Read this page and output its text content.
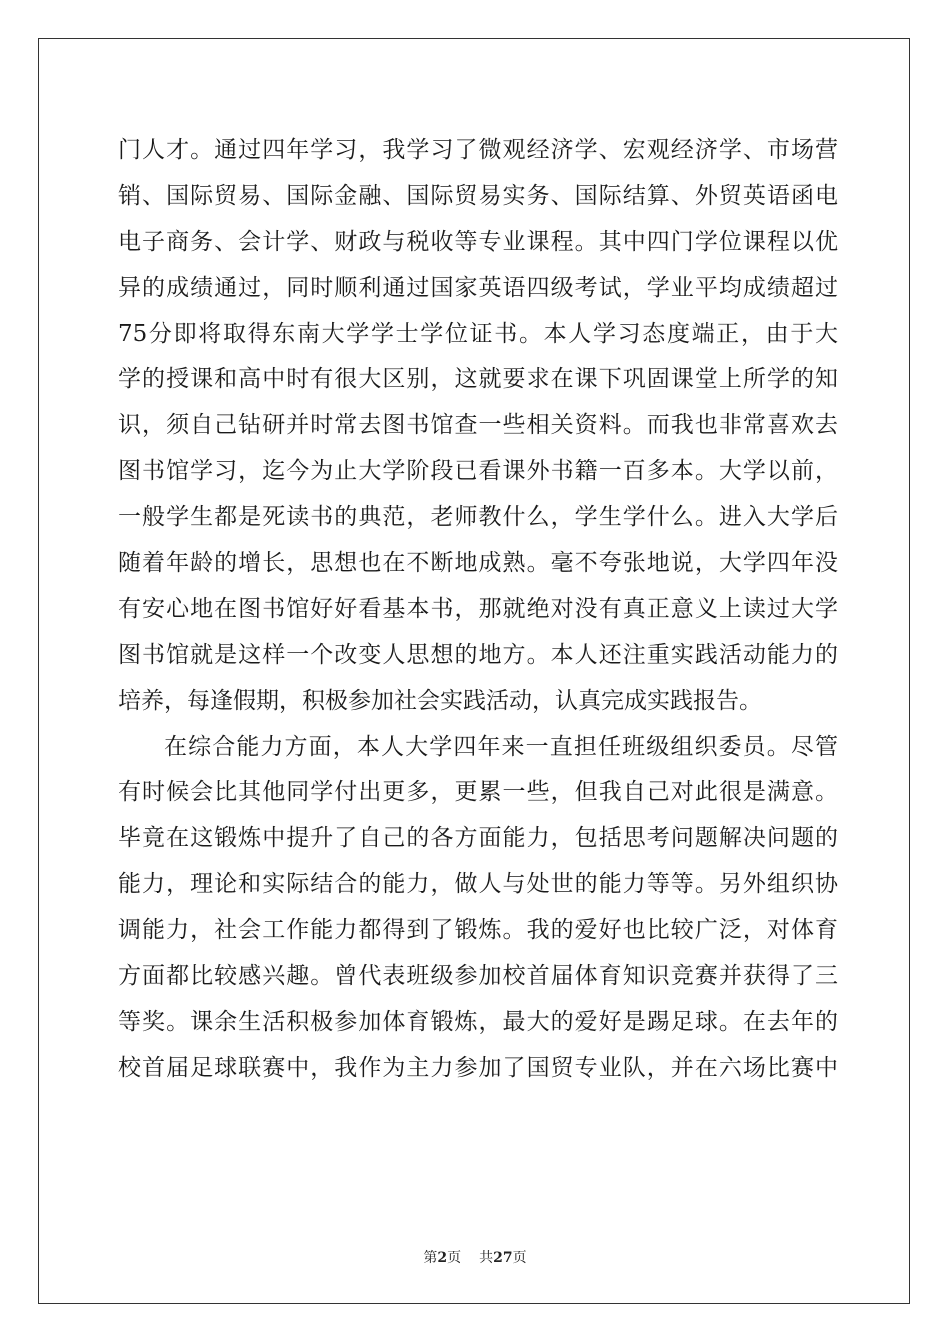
门人才。通过四年学习，我学习了微观经济学、宏观经济学、市场营
销、国际贸易、国际金融、国际贸易实务、国际结算、外贸英语函电
电子商务、会计学、财政与税收等专业课程。其中四门学位课程以优
异的成绩通过，同时顺利通过国家英语四级考试，学业平均成绩超过
75分即将取得东南大学学士学位证书。本人学习态度端正，由于大
学的授课和高中时有很大区别，这就要求在课下巩固课堂上所学的知
识，须自己钻研并时常去图书馆查一些相关资料。而我也非常喜欢去
图书馆学习，迄今为止大学阶段已看课外书籍一百多本。大学以前，
一般学生都是死读书的典范，老师教什么，学生学什么。进入大学后
随着年龄的增长，思想也在不断地成熟。毫不夸张地说，大学四年没
有安心地在图书馆好好看基本书，那就绝对没有真正意义上读过大学
图书馆就是这样一个改变人思想的地方。本人还注重实践活动能力的
培养，每逢假期，积极参加社会实践活动，认真完成实践报告。
在综合能力方面，本人大学四年来一直担任班级组织委员。尽管
有时候会比其他同学付出更多，更累一些，但我自己对此很是满意。
毕竟在这锻炼中提升了自己的各方面能力，包括思考问题解决问题的
能力，理论和实际结合的能力，做人与处世的能力等等。另外组织协
调能力，社会工作能力都得到了锻炼。我的爱好也比较广泛，对体育
方面都比较感兴趣。曾代表班级参加校首届体育知识竞赛并获得了三
等奖。课余生活积极参加体育锻炼，最大的爱好是踢足球。在去年的
校首届足球联赛中，我作为主力参加了国贸专业队，并在六场比赛中
第2页 共27页
